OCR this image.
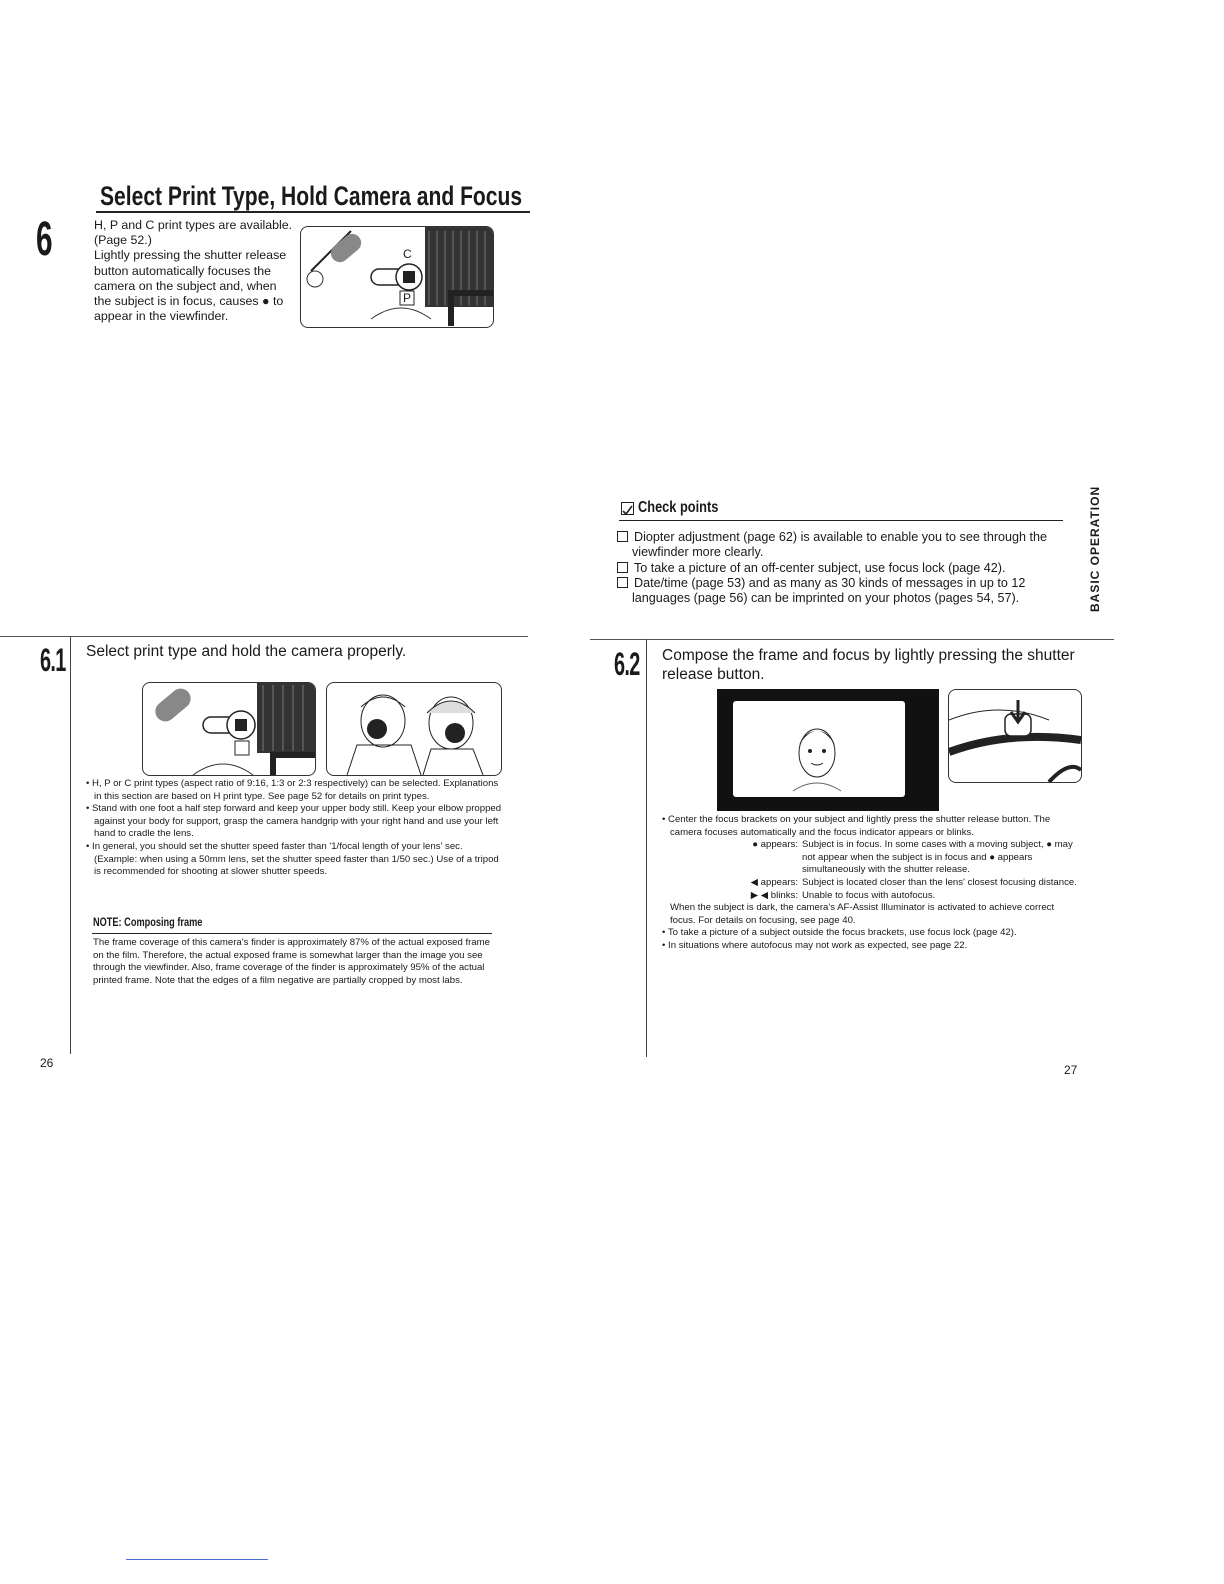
6
Select Print Type, Hold Camera and Focus
H, P and C print types are available.
(Page 52.)
Lightly pressing the shutter release
button automatically focuses the
camera on the subject and, when
the subject is in focus, causes ● to
appear in the viewfinder.
C
P
6.1 Select print type and hold the camera properly.
• H, P or C print types (aspect ratio of 9:16, 1:3 or 2:3 respectively) can be selected. Explanations in this section are based on H print type. See page 52 for details on print types.
• Stand with one foot a half step forward and keep your upper body still. Keep your elbow propped against your body for support, grasp the camera handgrip with your right hand and use your left hand to cradle the lens.
• In general, you should set the shutter speed faster than '1/focal length of your lens' sec. (Example: when using a 50mm lens, set the shutter speed faster than 1/50 sec.) Use of a tripod is recommended for shooting at slower shutter speeds.
NOTE: Composing frame
The frame coverage of this camera's finder is approximately 87% of the actual exposed frame on the film. Therefore, the actual exposed frame is somewhat larger than the image you see through the viewfinder. Also, frame coverage of the finder is approximately 95% of the actual printed frame. Note that the edges of a film negative are partially cropped by most labs.
26
Check points
Diopter adjustment (page 62) is available to enable you to see through the viewfinder more clearly.
To take a picture of an off-center subject, use focus lock (page 42).
Date/time (page 53) and as many as 30 kinds of messages in up to 12 languages (page 56) can be imprinted on your photos (pages 54, 57).	BASIC OPERATION
6.2 Compose the frame and focus by lightly pressing the shutter release button.
• Center the focus brackets on your subject and lightly press the shutter release button. The camera focuses automatically and the focus indicator appears or blinks.
● appears: Subject is in focus. In some cases with a moving subject, ● may not appear when the subject is in focus and ● appears simultaneously with the shutter release.
◀ appears: Subject is located closer than the lens' closest focusing distance.
▶ ◀ blinks: Unable to focus with autofocus.
When the subject is dark, the camera's AF-Assist Illuminator is activated to achieve correct focus. For details on focusing, see page 40.
• To take a picture of a subject outside the focus brackets, use focus lock (page 42).
• In situations where autofocus may not work as expected, see page 22.
27
